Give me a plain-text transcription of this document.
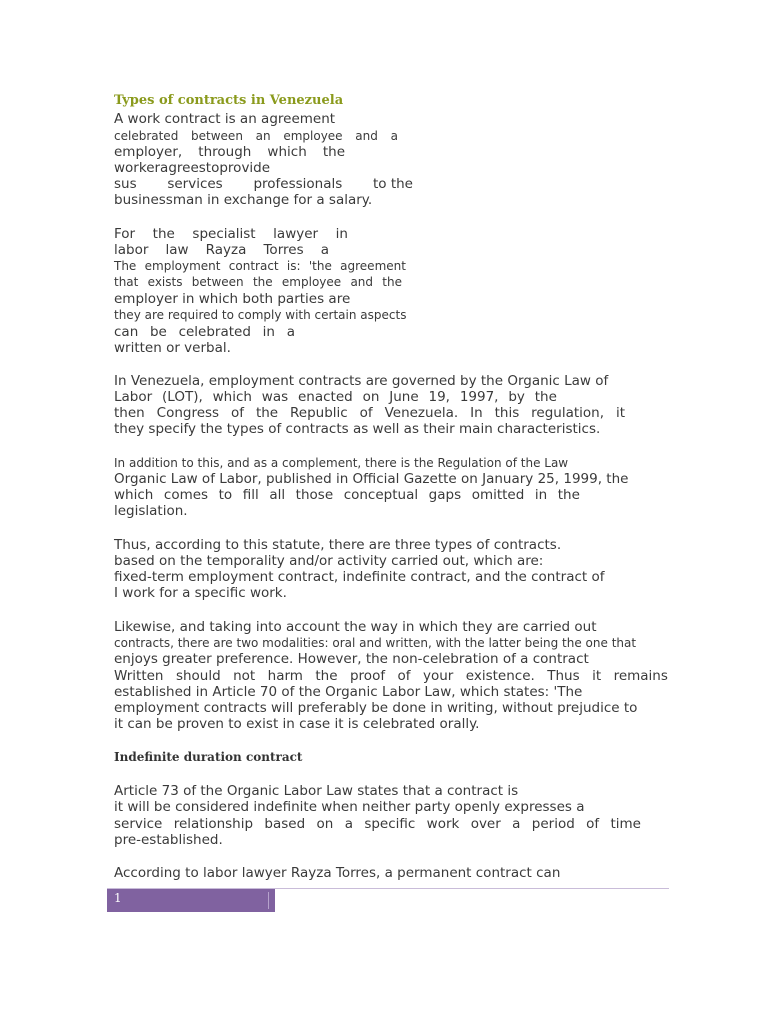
Types of contracts in Venezuela
A work contract is an agreement
celebrated between an employee and a
employer, through which the
workeragreestoprovide
sus services professionals to the
businessman in exchange for a salary.
For the specialist lawyer in
labor law Rayza Torres a
The employment contract is: 'the agreement
that exists between the employee and the
employer in which both parties are
they are required to comply with certain aspects
can be celebrated in a
written or verbal.
In Venezuela, employment contracts are governed by the Organic Law of
Labor (LOT), which was enacted on June 19, 1997, by the
then Congress of the Republic of Venezuela. In this regulation, it
they specify the types of contracts as well as their main characteristics.
In addition to this, and as a complement, there is the Regulation of the Law
Organic Law of Labor, published in Official Gazette on January 25, 1999, the
which comes to fill all those conceptual gaps omitted in the
legislation.
Thus, according to this statute, there are three types of contracts.
based on the temporality and/or activity carried out, which are:
fixed-term employment contract, indefinite contract, and the contract of
I work for a specific work.
Likewise, and taking into account the way in which they are carried out
contracts, there are two modalities: oral and written, with the latter being the one that
enjoys greater preference. However, the non-celebration of a contract
Written should not harm the proof of your existence. Thus it remains
established in Article 70 of the Organic Labor Law, which states: 'The
employment contracts will preferably be done in writing, without prejudice to
it can be proven to exist in case it is celebrated orally.
Indefinite duration contract
Article 73 of the Organic Labor Law states that a contract is
it will be considered indefinite when neither party openly expresses a
service relationship based on a specific work over a period of time
pre-established.
According to labor lawyer Rayza Torres, a permanent contract can
1
